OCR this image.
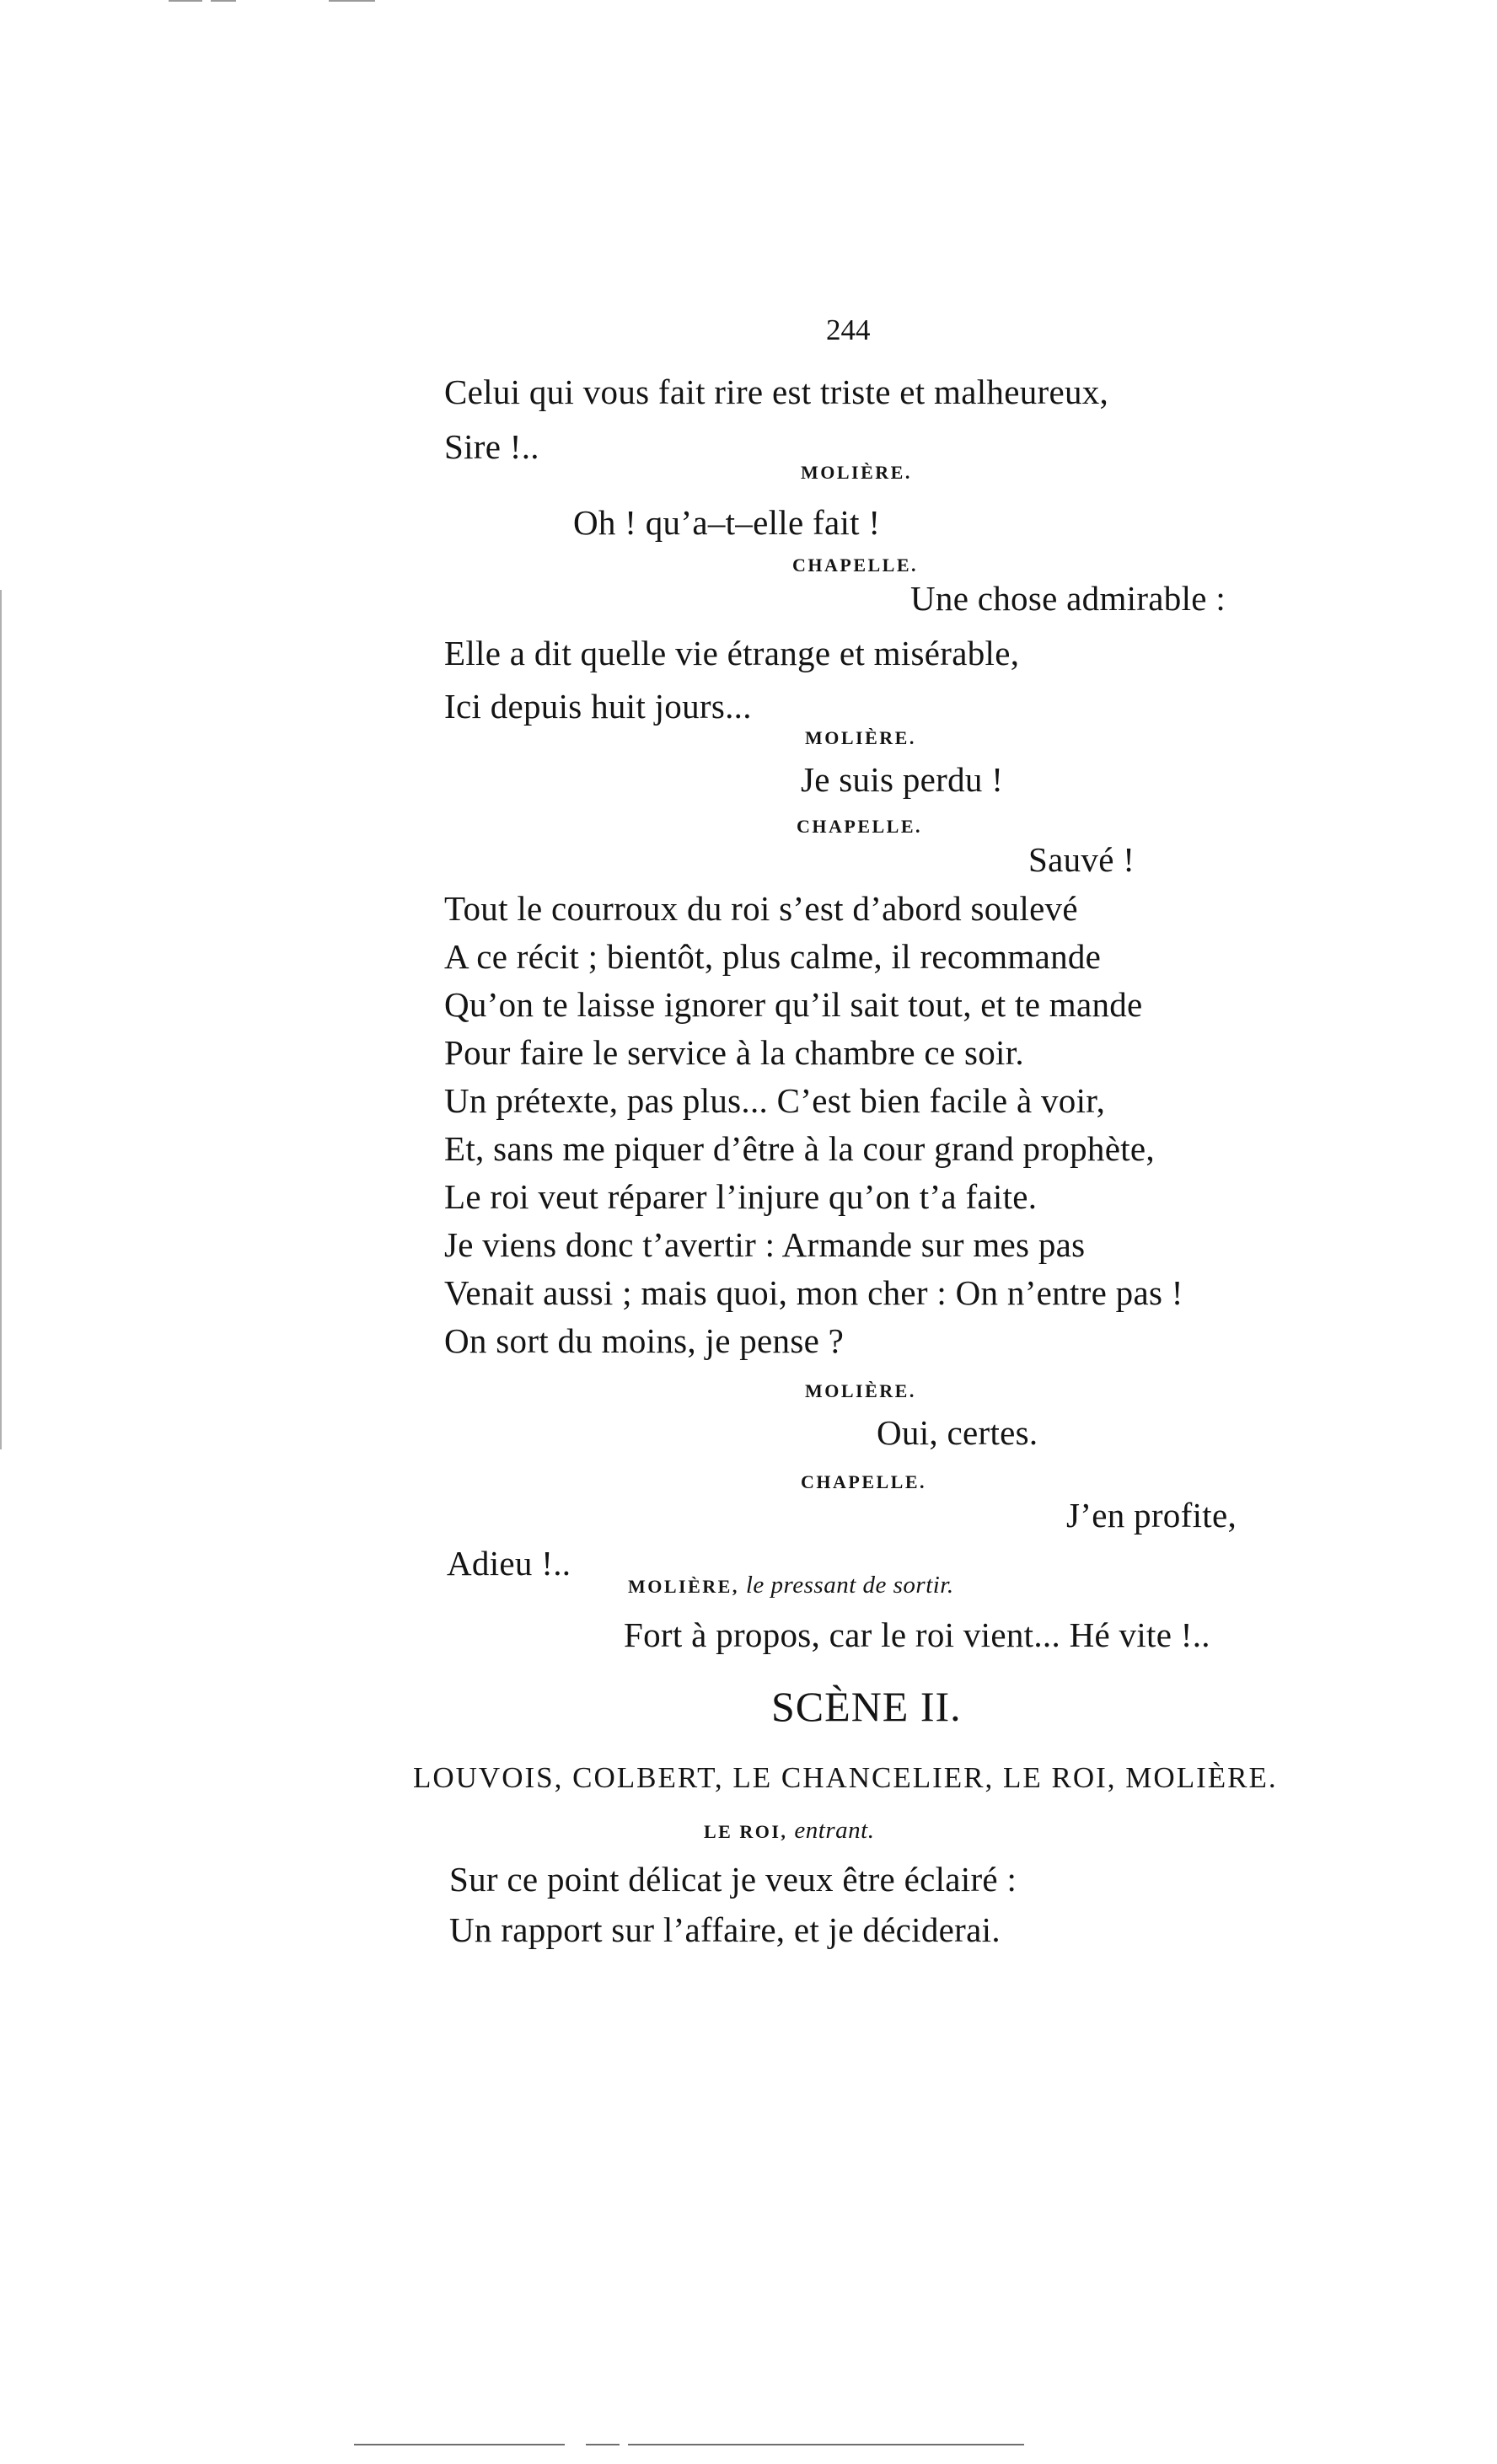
244
Celui qui vous fait rire est triste et malheureux,
Sire !..
MOLIÈRE.
Oh ! qu’a–t–elle fait !
CHAPELLE.
Une chose admirable :
Elle a dit quelle vie étrange et misérable,
Ici depuis huit jours...
MOLIÈRE.
Je suis perdu !
CHAPELLE.
Sauvé !
Tout le courroux du roi s’est d’abord soulevé
A ce récit ; bientôt, plus calme, il recommande
Qu’on te laisse ignorer qu’il sait tout, et te mande
Pour faire le service à la chambre ce soir.
Un prétexte, pas plus... C’est bien facile à voir,
Et, sans me piquer d’être à la cour grand prophète,
Le roi veut réparer l’injure qu’on t’a faite.
Je viens donc t’avertir : Armande sur mes pas
Venait aussi ; mais quoi, mon cher : On n’entre pas !
On sort du moins, je pense ?
MOLIÈRE.
Oui, certes.
CHAPELLE.
J’en profite,
Adieu !..
MOLIÈRE, le pressant de sortir.
Fort à propos, car le roi vient... Hé vite !..
SCÈNE II.
LOUVOIS, COLBERT, LE CHANCELIER, LE ROI, MOLIÈRE.
LE ROI, entrant.
Sur ce point délicat je veux être éclairé :
Un rapport sur l’affaire, et je déciderai.
